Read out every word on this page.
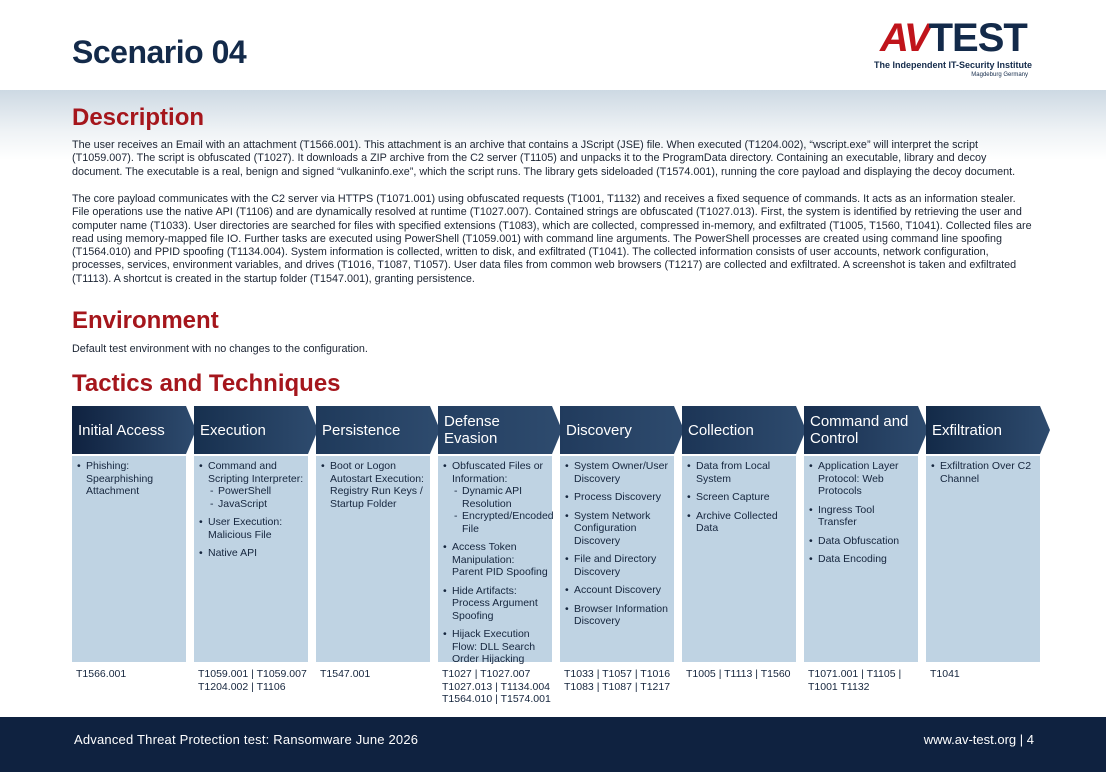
Scenario 04	AV TEST
The Independent IT-Security Institute
Magdeburg Germany
Description
The user receives an Email with an attachment (T1566.001). This attachment is an archive that contains a JScript (JSE) file. When executed (T1204.002), “wscript.exe” will interpret the script (T1059.007). The script is obfuscated (T1027). It downloads a ZIP archive from the C2 server (T1105) and unpacks it to the ProgramData directory. Containing an executable, library and decoy document. The executable is a real, benign and signed “vulkaninfo.exe”, which the script runs. The library gets sideloaded (T1574.001), running the core payload and displaying the decoy document.
The core payload communicates with the C2 server via HTTPS (T1071.001) using obfuscated requests (T1001, T1132) and receives a fixed sequence of commands. It acts as an information stealer. File operations use the native API (T1106) and are dynamically resolved at runtime (T1027.007). Contained strings are obfuscated (T1027.013). First, the system is identified by retrieving the user and computer name (T1033). User directories are searched for files with specified extensions (T1083), which are collected, compressed in-memory, and exfiltrated (T1005, T1560, T1041). Collected files are read using memory-mapped file IO. Further tasks are executed using PowerShell (T1059.001) with command line arguments. The PowerShell processes are created using command line spoofing (T1564.010) and PPID spoofing (T1134.004). System information is collected, written to disk, and exfiltrated (T1041). The collected information consists of user accounts, network configuration, processes, services, environment variables, and drives (T1016, T1087, T1057). User data files from common web browsers (T1217) are collected and exfiltrated. A screenshot is taken and exfiltrated (T1113). A shortcut is created in the startup folder (T1547.001), granting persistence.
Environment
Default test environment with no changes to the configuration.
Tactics and Techniques
Initial Access
• Phishing: Spearphishing Attachment
T1566.001
Execution
• Command and Scripting Interpreter:
- PowerShell
- JavaScript
• User Execution: Malicious File
• Native API
T1059.001 | T1059.007 T1204.002 | T1106
Persistence
• Boot or Logon Autostart Execution: Registry Run Keys / Startup Folder
T1547.001
Defense Evasion
• Obfuscated Files or Information:
- Dynamic API Resolution
- Encrypted/Encoded File
• Access Token Manipulation: Parent PID Spoofing
• Hide Artifacts: Process Argument Spoofing
• Hijack Execution Flow: DLL Search Order Hijacking
T1027 | T1027.007 T1027.013 | T1134.004 T1564.010 | T1574.001
Discovery
• System Owner/User Discovery
• Process Discovery
• System Network Configuration Discovery
• File and Directory Discovery
• Account Discovery
• Browser Information Discovery
T1033 | T1057 | T1016 T1083 | T1087 | T1217
Collection
• Data from Local System
• Screen Capture
• Archive Collected Data
T1005 | T1113 | T1560
Command and Control
• Application Layer Protocol: Web Protocols
• Ingress Tool Transfer
• Data Obfuscation
• Data Encoding
T1071.001 | T1105 | T1001 T1132
Exfiltration
• Exfiltration Over C2 Channel
T1041
Advanced Threat Protection test: Ransomware June 2026	www.av-test.org | 4
